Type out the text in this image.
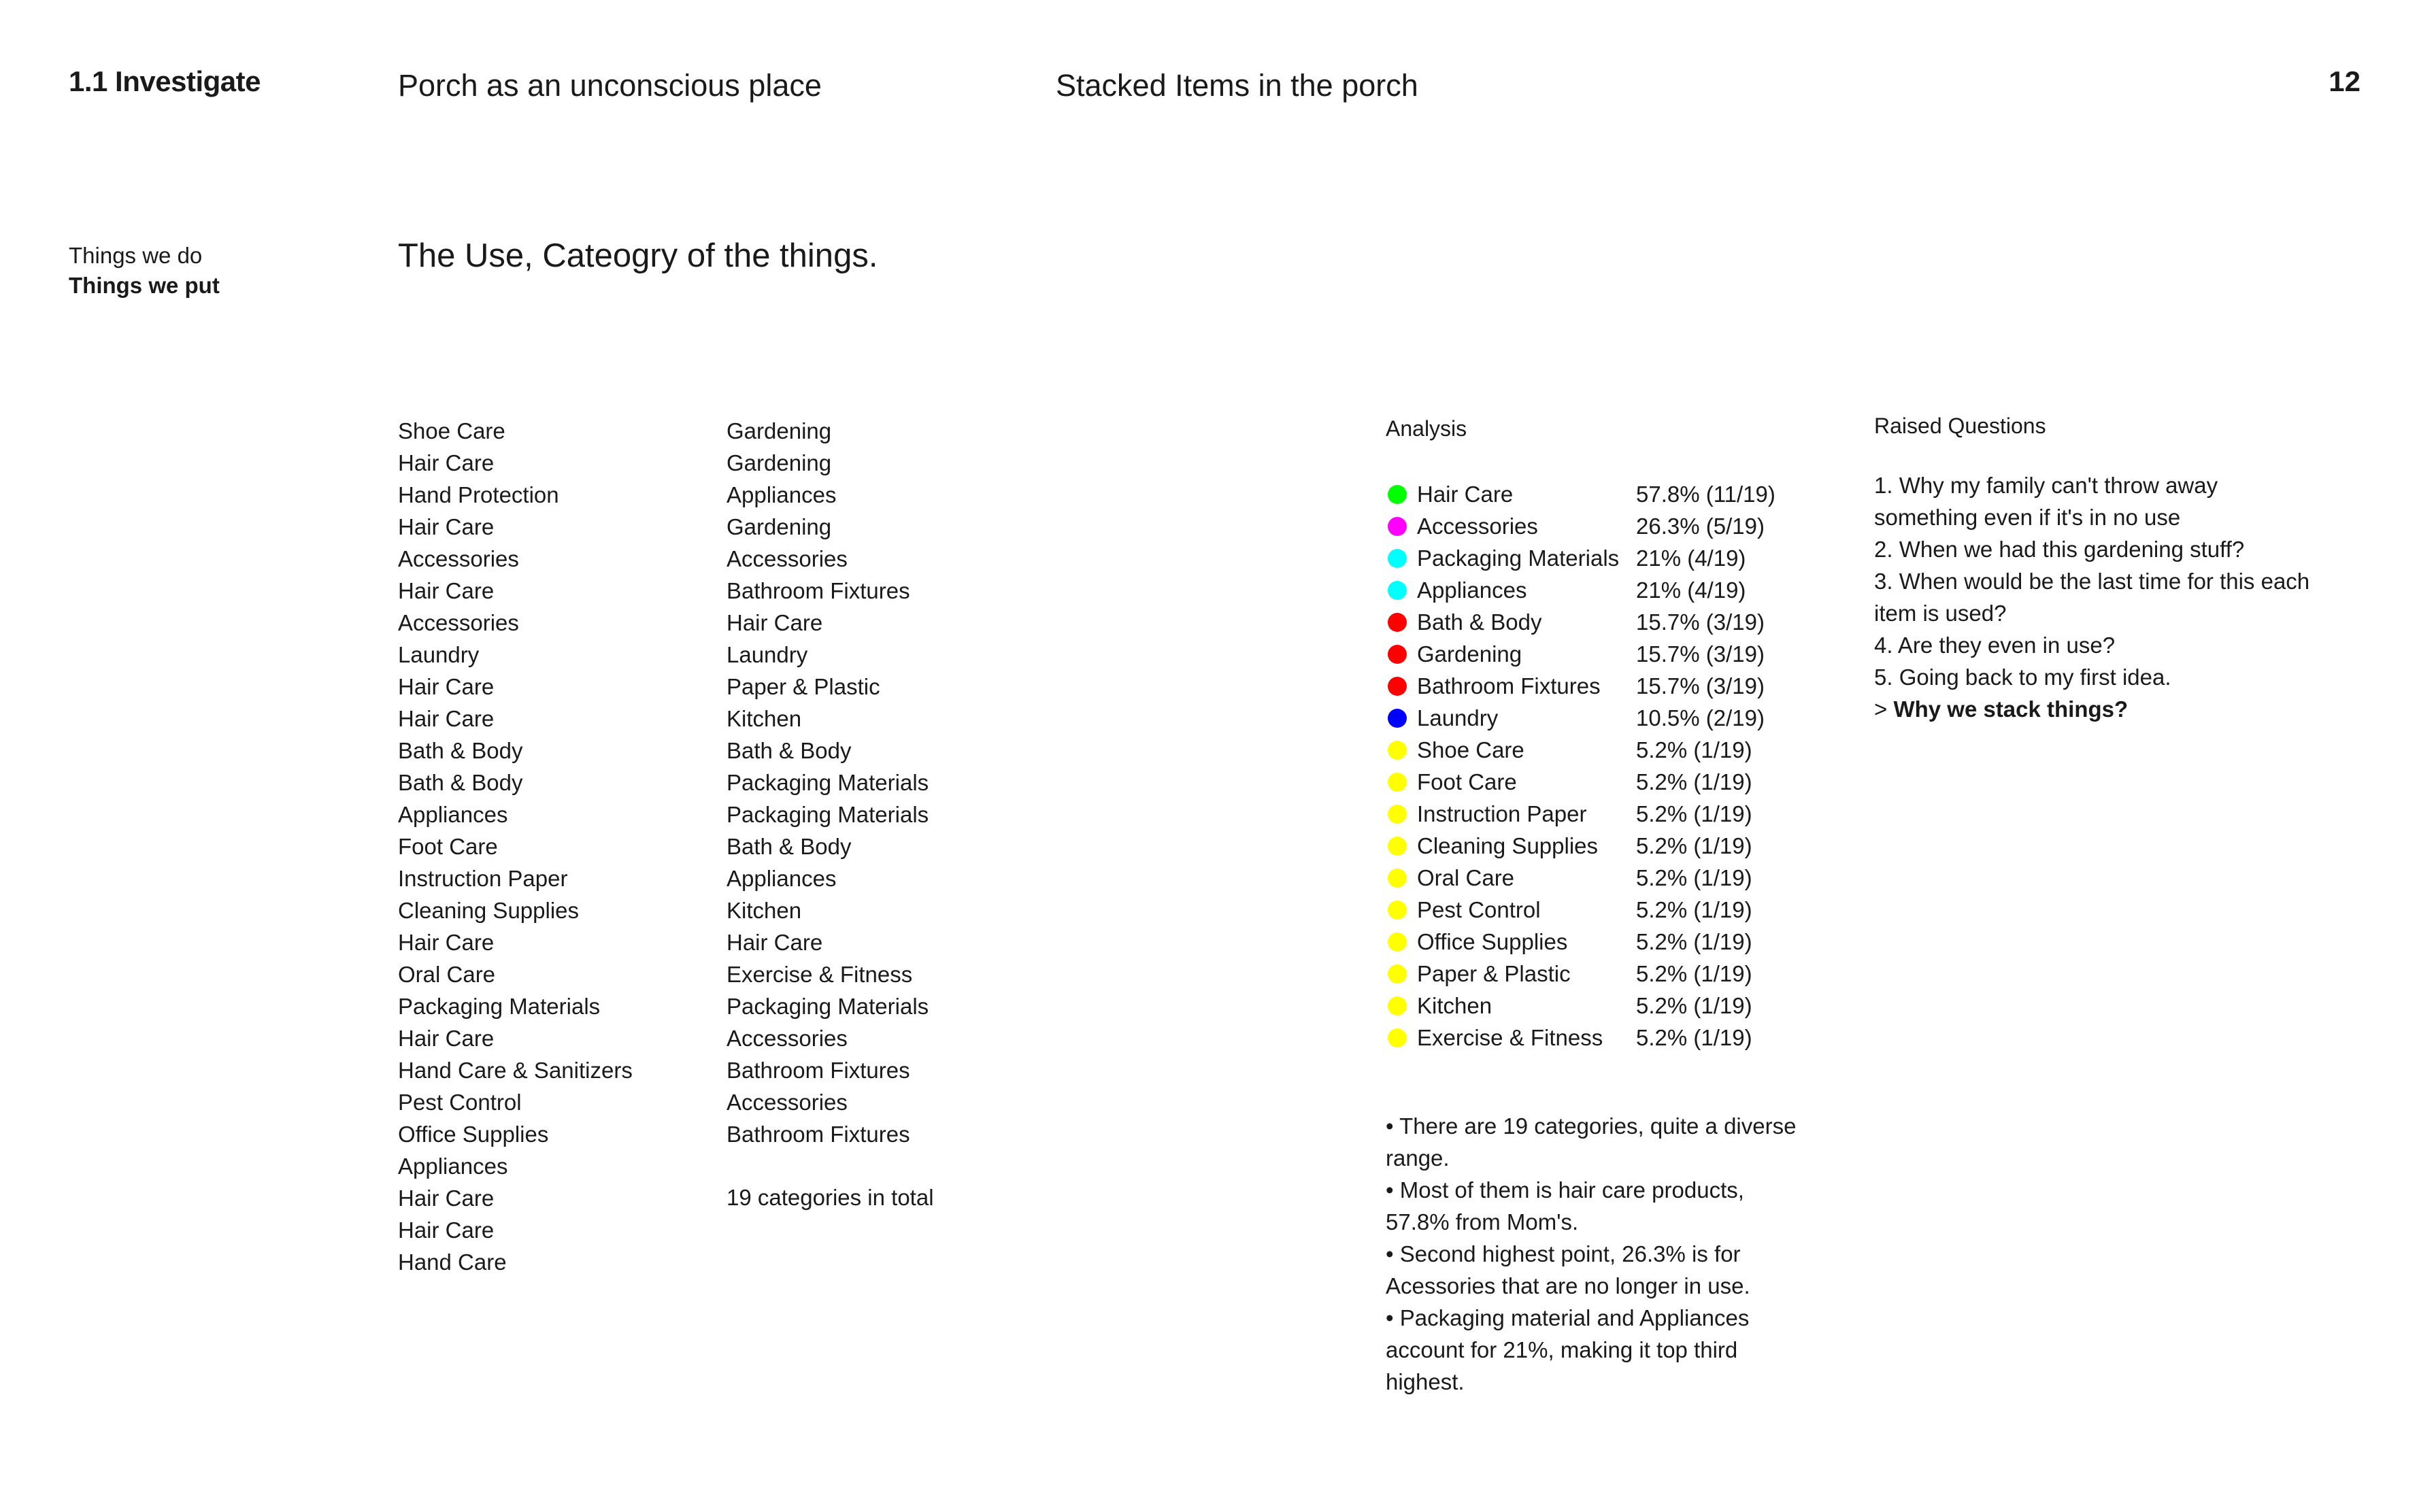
1.1 Investigate	Porch as an unconscious place	Stacked Items in the porch	12
Things we do
Things we put
The Use, Cateogry of the things.
Shoe Care
Hair Care
Hand Protection
Hair Care
Accessories
Hair Care
Accessories
Laundry
Hair Care
Hair Care
Bath & Body
Bath & Body
Appliances
Foot Care
Instruction Paper
Cleaning Supplies
Hair Care
Oral Care
Packaging Materials
Hair Care
Hand Care & Sanitizers
Pest Control
Office Supplies
Appliances
Hair Care
Hair Care
Hand Care
Gardening
Gardening
Appliances
Gardening
Accessories
Bathroom Fixtures
Hair Care
Laundry
Paper & Plastic
Kitchen
Bath & Body
Packaging Materials
Packaging Materials
Bath & Body
Appliances
Kitchen
Hair Care
Exercise & Fitness
Packaging Materials
Accessories
Bathroom Fixtures
Accessories
Bathroom Fixtures
19 categories in total
Analysis
Hair Care	57.8% (11/19)
Accessories	26.3% (5/19)
Packaging Materials 21% (4/19)
Appliances	21% (4/19)
Bath & Body	15.7% (3/19)
Gardening	15.7% (3/19)
Bathroom Fixtures	15.7% (3/19)
Laundry	10.5% (2/19)
Shoe Care	5.2% (1/19)
Foot Care	5.2% (1/19)
Instruction Paper	5.2% (1/19)
Cleaning Supplies	5.2% (1/19)
Oral Care	5.2% (1/19)
Pest Control	5.2% (1/19)
Office Supplies	5.2% (1/19)
Paper & Plastic	5.2% (1/19)
Kitchen	5.2% (1/19)
Exercise & Fitness	5.2% (1/19)

• There are 19 categories, quite a diverse range.

• Most of them is hair care products, 57.8% from Mom's.

• Second highest point, 26.3% is for Acessories that are no longer in use.

• Packaging material and Appliances account for 21%, making it top third highest.

Raised Questions

1. Why my family can't throw away something even if it's in no use

2. When we had this gardening stuff?

3. When would be the last time for this each item is used?

4. Are they even in use?

5. Going back to my first idea.

> Why we stack things?
